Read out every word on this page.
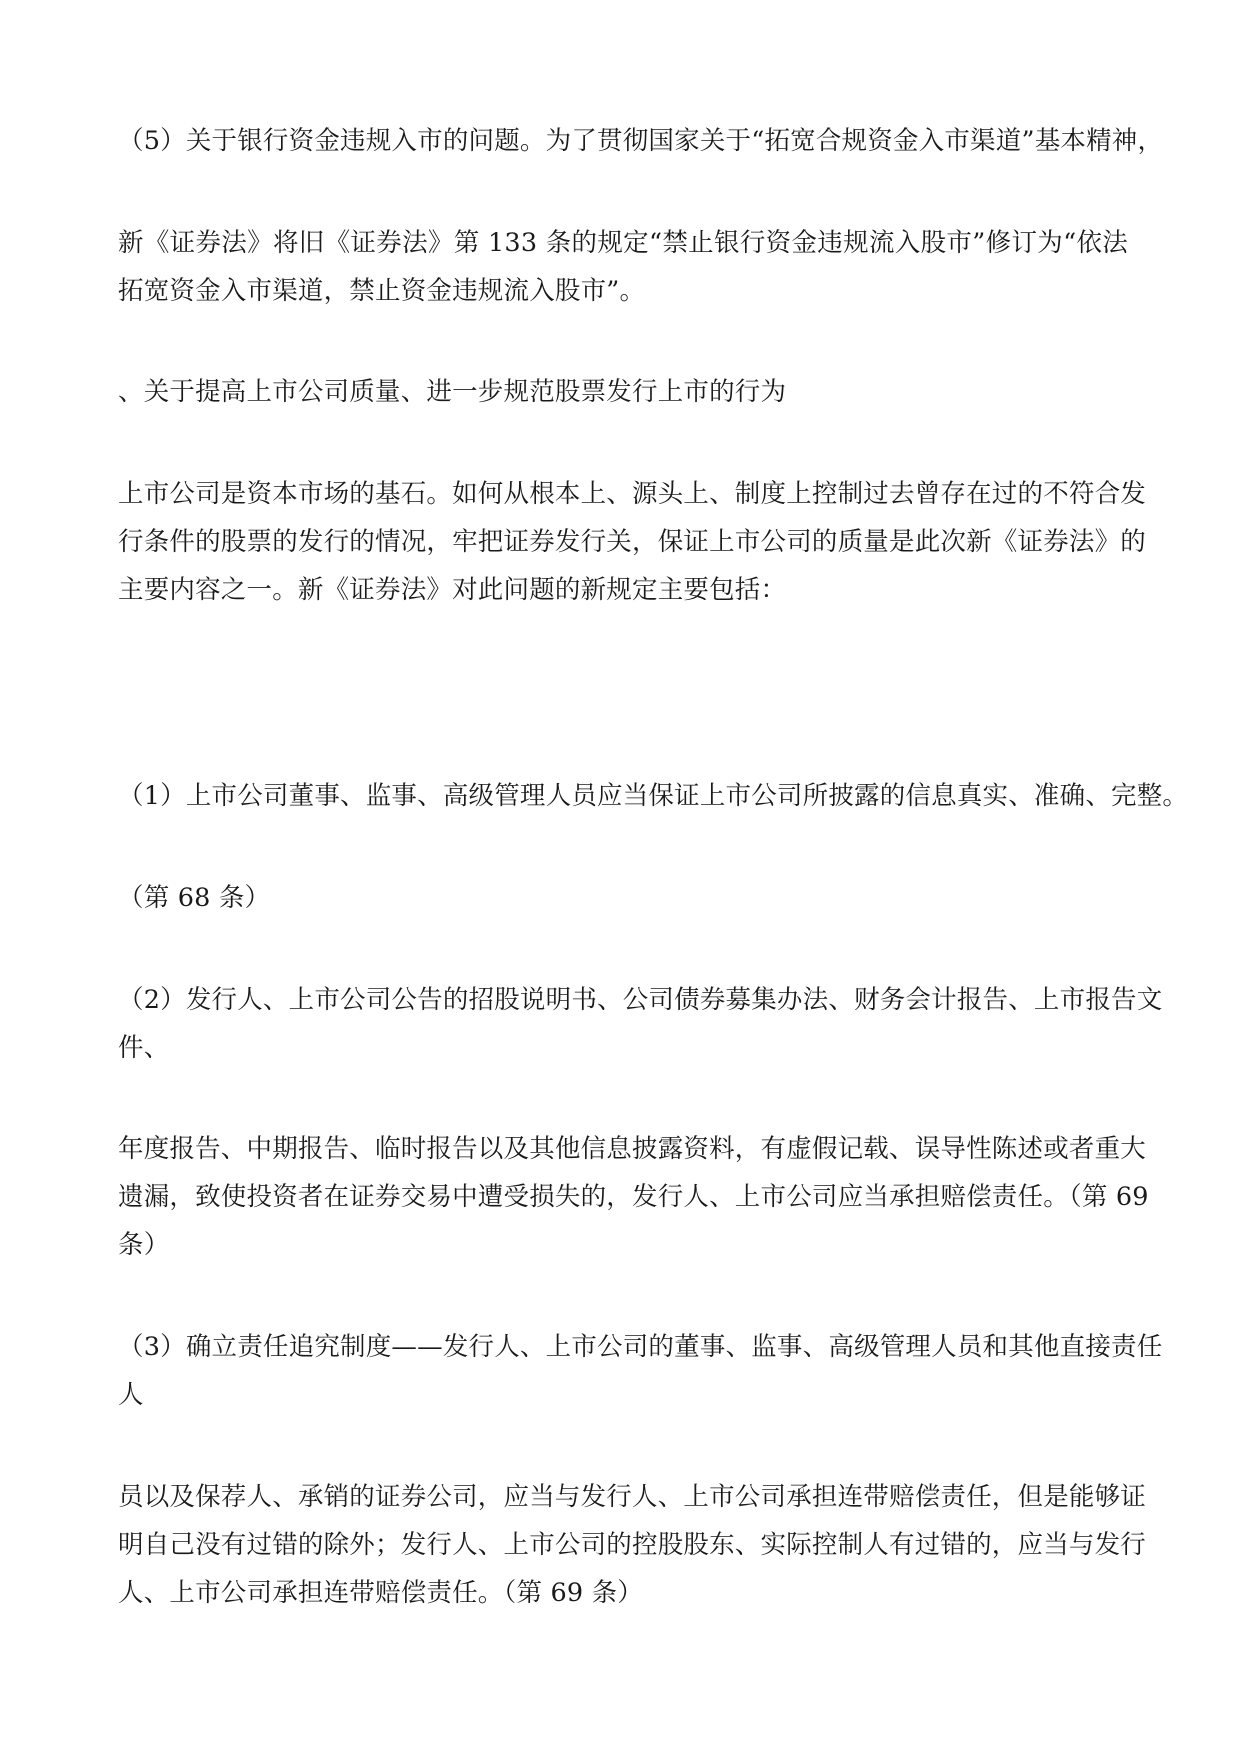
（5）关于银行资金违规入市的问题。为了贯彻国家关于“拓宽合规资金入市渠道”基本精神，
新《证券法》将旧《证券法》第 133 条的规定“禁止银行资金违规流入股市”修订为“依法
拓宽资金入市渠道，禁止资金违规流入股市”。
、关于提高上市公司质量、进一步规范股票发行上市的行为
上市公司是资本市场的基石。如何从根本上、源头上、制度上控制过去曾存在过的不符合发
行条件的股票的发行的情况，牢把证券发行关，保证上市公司的质量是此次新《证券法》的
主要内容之一。新《证券法》对此问题的新规定主要包括：
（1）上市公司董事、监事、高级管理人员应当保证上市公司所披露的信息真实、准确、完整。
（第 68 条）
（2）发行人、上市公司公告的招股说明书、公司债券募集办法、财务会计报告、上市报告文
件、
年度报告、中期报告、临时报告以及其他信息披露资料，有虚假记载、误导性陈述或者重大
遗漏，致使投资者在证券交易中遭受损失的，发行人、上市公司应当承担赔偿责任。（第 69
条）
（3）确立责任追究制度——发行人、上市公司的董事、监事、高级管理人员和其他直接责任
人
员以及保荐人、承销的证券公司，应当与发行人、上市公司承担连带赔偿责任，但是能够证
明自己没有过错的除外；发行人、上市公司的控股股东、实际控制人有过错的，应当与发行
人、上市公司承担连带赔偿责任。（第 69 条）
